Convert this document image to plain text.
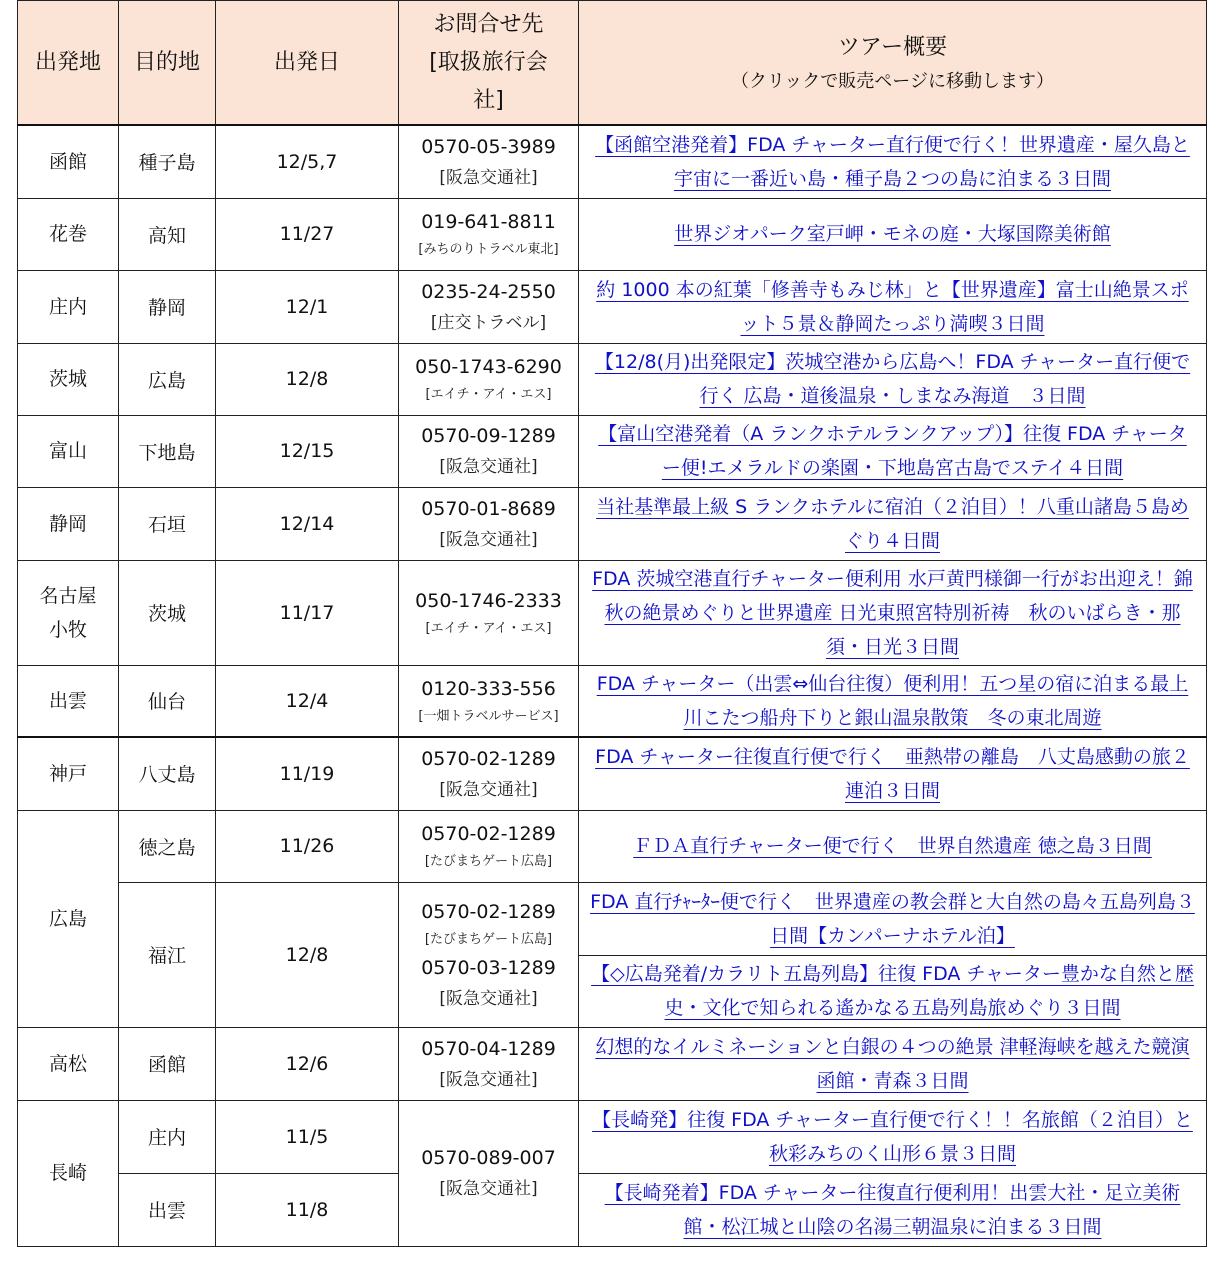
出発地	目的地	出発日	お問合せ先
[取扱旅行会
社]	ツアー概要
（クリックで販売ページに移動します）

函館	種子島	12/5,7	0570-05-3989
[阪急交通社]	【函館空港発着】FDA チャーター直行便で行く！世界遺産・屋久島と宇宙に一番近い島・種子島２つの島に泊まる３日間
花巻	高知	11/27	019-641-8811
[みちのりトラベル東北]	世界ジオパーク室戸岬・モネの庭・大塚国際美術館
庄内	静岡	12/1	0235-24-2550
[庄交トラベル]	約 1000 本の紅葉「修善寺もみじ林」と【世界遺産】富士山絶景スポット５景＆静岡たっぷり満喫３日間
茨城	広島	12/8	050-1743-6290
[エイチ・アイ・エス]	【12/8(月)出発限定】茨城空港から広島へ！FDA チャーター直行便で行く 広島・道後温泉・しまなみ海道　３日間
富山	下地島	12/15	0570-09-1289
[阪急交通社]	【富山空港発着（A ランクホテルランクアップ）】往復 FDA チャーター便!エメラルドの楽園・下地島宮古島でステイ４日間
静岡	石垣	12/14	0570-01-8689
[阪急交通社]	当社基準最上級 S ランクホテルに宿泊（２泊目）！八重山諸島５島めぐり４日間
名古屋
小牧	茨城	11/17	050-1746-2333
[エイチ・アイ・エス]	FDA 茨城空港直行チャーター便利用 水戸黄門様御一行がお出迎え！錦秋の絶景めぐりと世界遺産 日光東照宮特別祈祷　秋のいばらき・那須・日光３日間
出雲	仙台	12/4	0120-333-556
[一畑トラベルサービス]	FDA チャーター（出雲⇔仙台往復）便利用！五つ星の宿に泊まる最上川こたつ船舟下りと銀山温泉散策　冬の東北周遊
神戸	八丈島	11/19	0570-02-1289
[阪急交通社]	FDA チャーター往復直行便で行く　亜熱帯の離島　八丈島感動の旅２連泊３日間
広島	徳之島	11/26	0570-02-1289
[たびまちゲート広島]	ＦＤＡ直行チャーター便で行く　世界自然遺産 徳之島３日間
	福江	12/8	0570-02-1289
[たびまちゲート広島]
0570-03-1289
[阪急交通社]	FDA 直行ﾁｬｰﾀｰ便で行く　世界遺産の教会群と大自然の島々五島列島３日間【カンパーナホテル泊】
				【◇広島発着/カラリト五島列島】往復 FDA チャーター豊かな自然と歴史・文化で知られる遙かなる五島列島旅めぐり３日間
高松	函館	12/6	0570-04-1289
[阪急交通社]	幻想的なイルミネーションと白銀の４つの絶景 津軽海峡を越えた競演 函館・青森３日間
長崎	庄内	11/5	0570-089-007
[阪急交通社]	【長崎発】往復 FDA チャーター直行便で行く！！名旅館（２泊目）と秋彩みちのく山形６景３日間
	出雲	11/8		【長崎発着】FDA チャーター往復直行便利用！出雲大社・足立美術館・松江城と山陰の名湯三朝温泉に泊まる３日間
